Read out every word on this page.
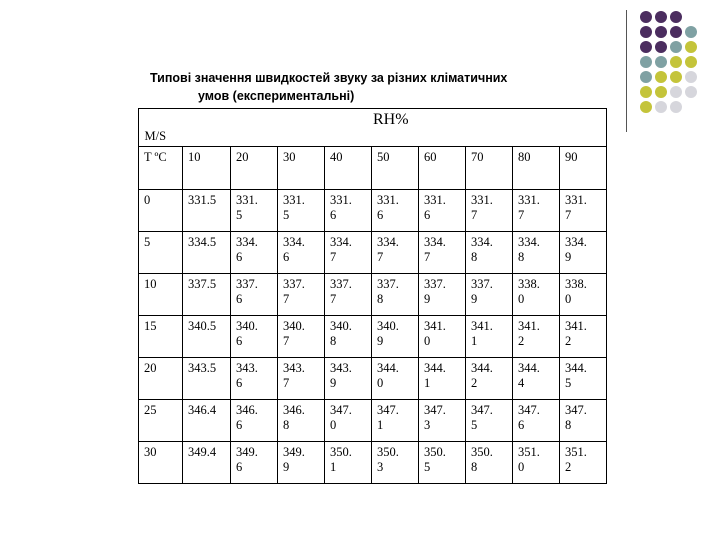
Типові значення швидкостей звуку за різних кліматичних
умов (експериментальні)
M/S									

T ºC	10	20	30	40	50	60	70	80	90
0	331.5	331. 5	331. 5	331. 6	331. 6	331. 6	331. 7	331. 7	331. 7

5	334.5	334. 6	334. 6	334. 7	334. 7	334. 7	334. 8	334. 8	334. 9

10	337.5	337. 6	337. 7	337. 7	337. 8	337. 9	337. 9	338. 0	338. 0

15	340.5	340. 6	340. 7	340. 8	340. 9	341. 0	341. 1	341. 2	341. 2

20	343.5	343. 6	343. 7	343. 9	344. 0	344. 1	344. 2	344. 4	344. 5

25	346.4	346. 6	346. 8	347. 0	347. 1	347. 3	347. 5	347. 6	347. 8

30	349.4	349. 6	349. 9	350. 1	350. 3	350. 5	350. 8	351. 0	351. 2
RH%
